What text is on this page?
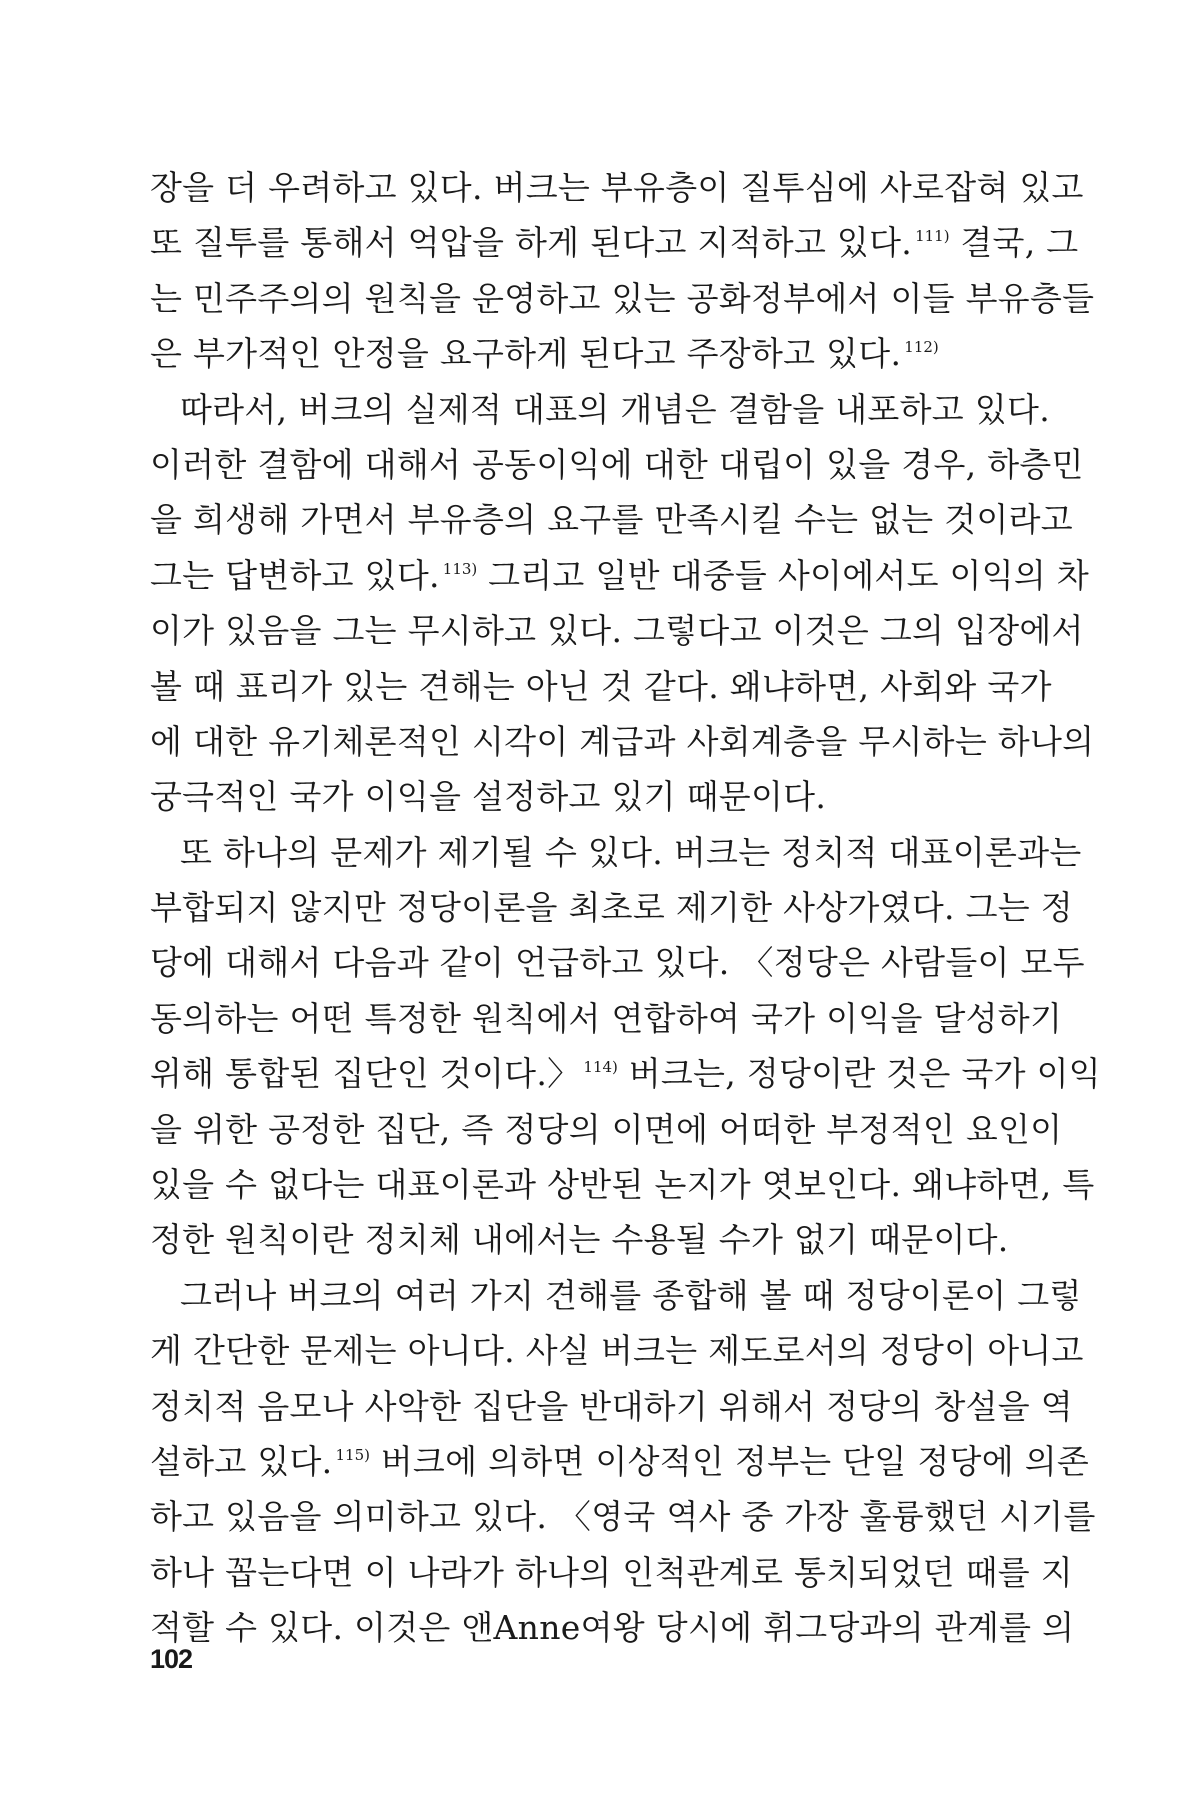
장을 더 우려하고 있다. 버크는 부유층이 질투심에 사로잡혀 있고
또 질투를 통해서 억압을 하게 된다고 지적하고 있다. $^{111)}$ 결국, 그
는 민주주의의 원칙을 운영하고 있는 공화정부에서 이들 부유층들
은 부가적인 안정을 요구하게 된다고 주장하고 있다. $^{112)}$
따라서, 버크의 실제적 대표의 개념은 결함을 내포하고 있다.
이러한 결함에 대해서 공동이익에 대한 대립이 있을 경우, 하층민
을 희생해 가면서 부유층의 요구를 만족시킬 수는 없는 것이라고
그는 답변하고 있다. $^{113)}$ 그리고 일반 대중들 사이에서도 이익의 차
이가 있음을 그는 무시하고 있다. 그렇다고 이것은 그의 입장에서
볼 때 표리가 있는 견해는 아닌 것 같다. 왜냐하면, 사회와 국가
에 대한 유기체론적인 시각이 계급과 사회계층을 무시하는 하나의
궁극적인 국가 이익을 설정하고 있기 때문이다.
또 하나의 문제가 제기될 수 있다. 버크는 정치적 대표이론과는
부합되지 않지만 정당이론을 최초로 제기한 사상가였다. 그는 정
당에 대해서 다음과 같이 언급하고 있다. 〈정당은 사람들이 모두
동의하는 어떤 특정한 원칙에서 연합하여 국가 이익을 달성하기
위해 통합된 집단인 것이다.〉 $^{114)}$ 버크는, 정당이란 것은 국가 이익
을 위한 공정한 집단, 즉 정당의 이면에 어떠한 부정적인 요인이
있을 수 없다는 대표이론과 상반된 논지가 엿보인다. 왜냐하면, 특
정한 원칙이란 정치체 내에서는 수용될 수가 없기 때문이다.
그러나 버크의 여러 가지 견해를 종합해 볼 때 정당이론이 그렇
게 간단한 문제는 아니다. 사실 버크는 제도로서의 정당이 아니고
정치적 음모나 사악한 집단을 반대하기 위해서 정당의 창설을 역
설하고 있다. $^{115)}$ 버크에 의하면 이상적인 정부는 단일 정당에 의존
하고 있음을 의미하고 있다. 〈영국 역사 중 가장 훌륭했던 시기를
하나 꼽는다면 이 나라가 하나의 인척관계로 통치되었던 때를 지
적할 수 있다. 이것은 앤Anne여왕 당시에 휘그당과의 관계를 의
102
